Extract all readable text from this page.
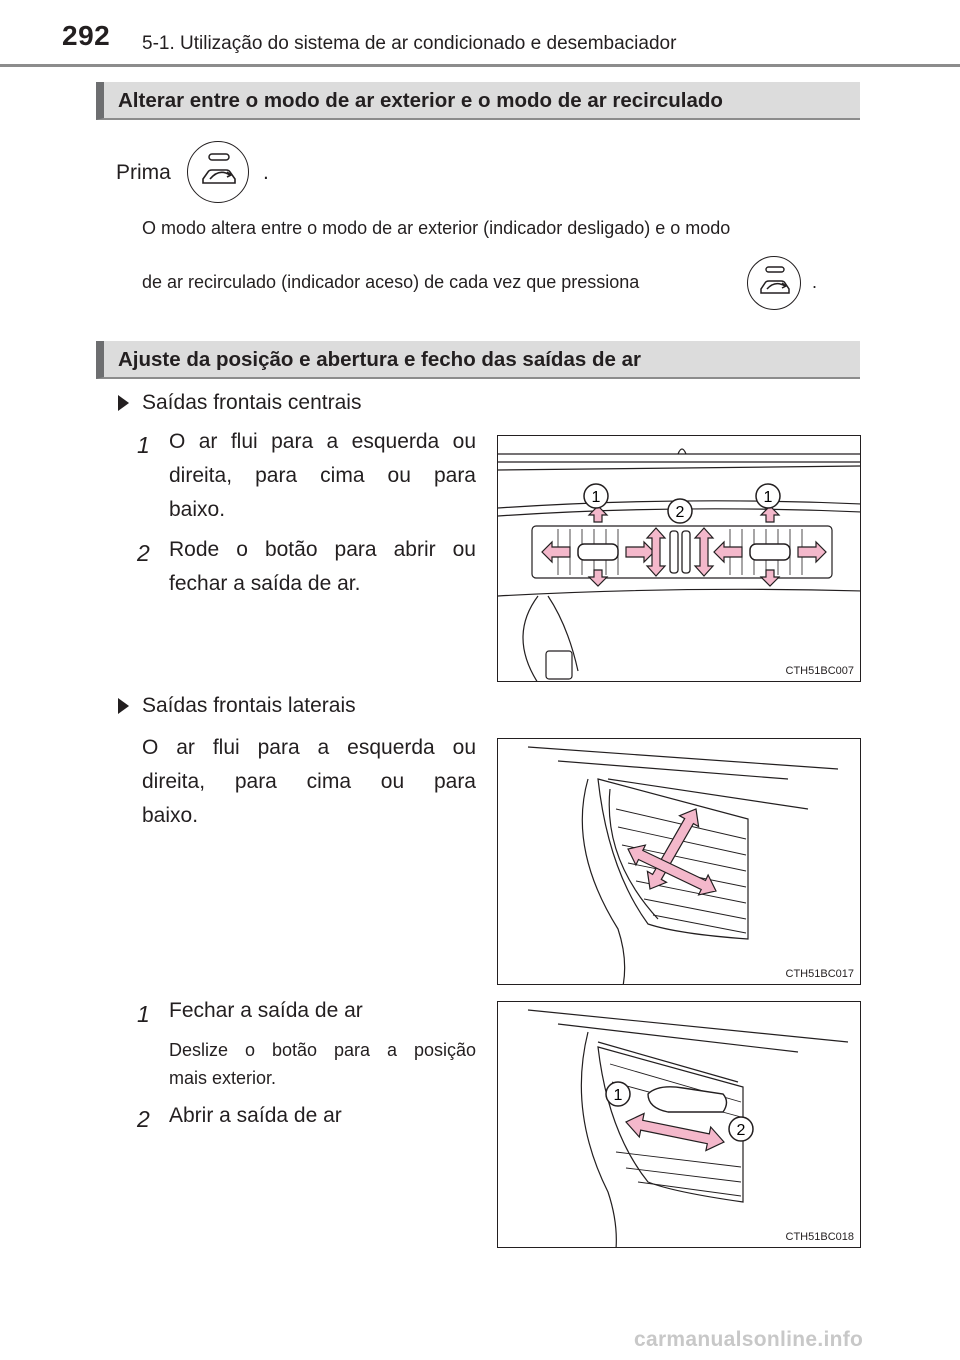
292 5-1. Utilização do sistema de ar condicionado e desembaciador
Alterar entre o modo de ar exterior e o modo de ar recirculado
Prima	.
O modo altera entre o modo de ar exterior (indicador desligado) e o modo
de ar recirculado (indicador aceso) de cada vez que pressiona	.
Ajuste da posição e abertura e fecho das saídas de ar
Saídas frontais centrais
1 O ar flui para a esquerda ou
direita, para cima ou para
baixo.
2 Rode o botão para abrir ou
fechar a saída de ar.
1
2
1
CTH51BC007
Saídas frontais laterais
O ar flui para a esquerda ou
direita, para cima ou para
baixo.
CTH51BC017
1 Fechar a saída de ar
Deslize o botão para a posição
mais exterior.
2 Abrir a saída de ar
1
2
CTH51BC018
carmanualsonline.info
